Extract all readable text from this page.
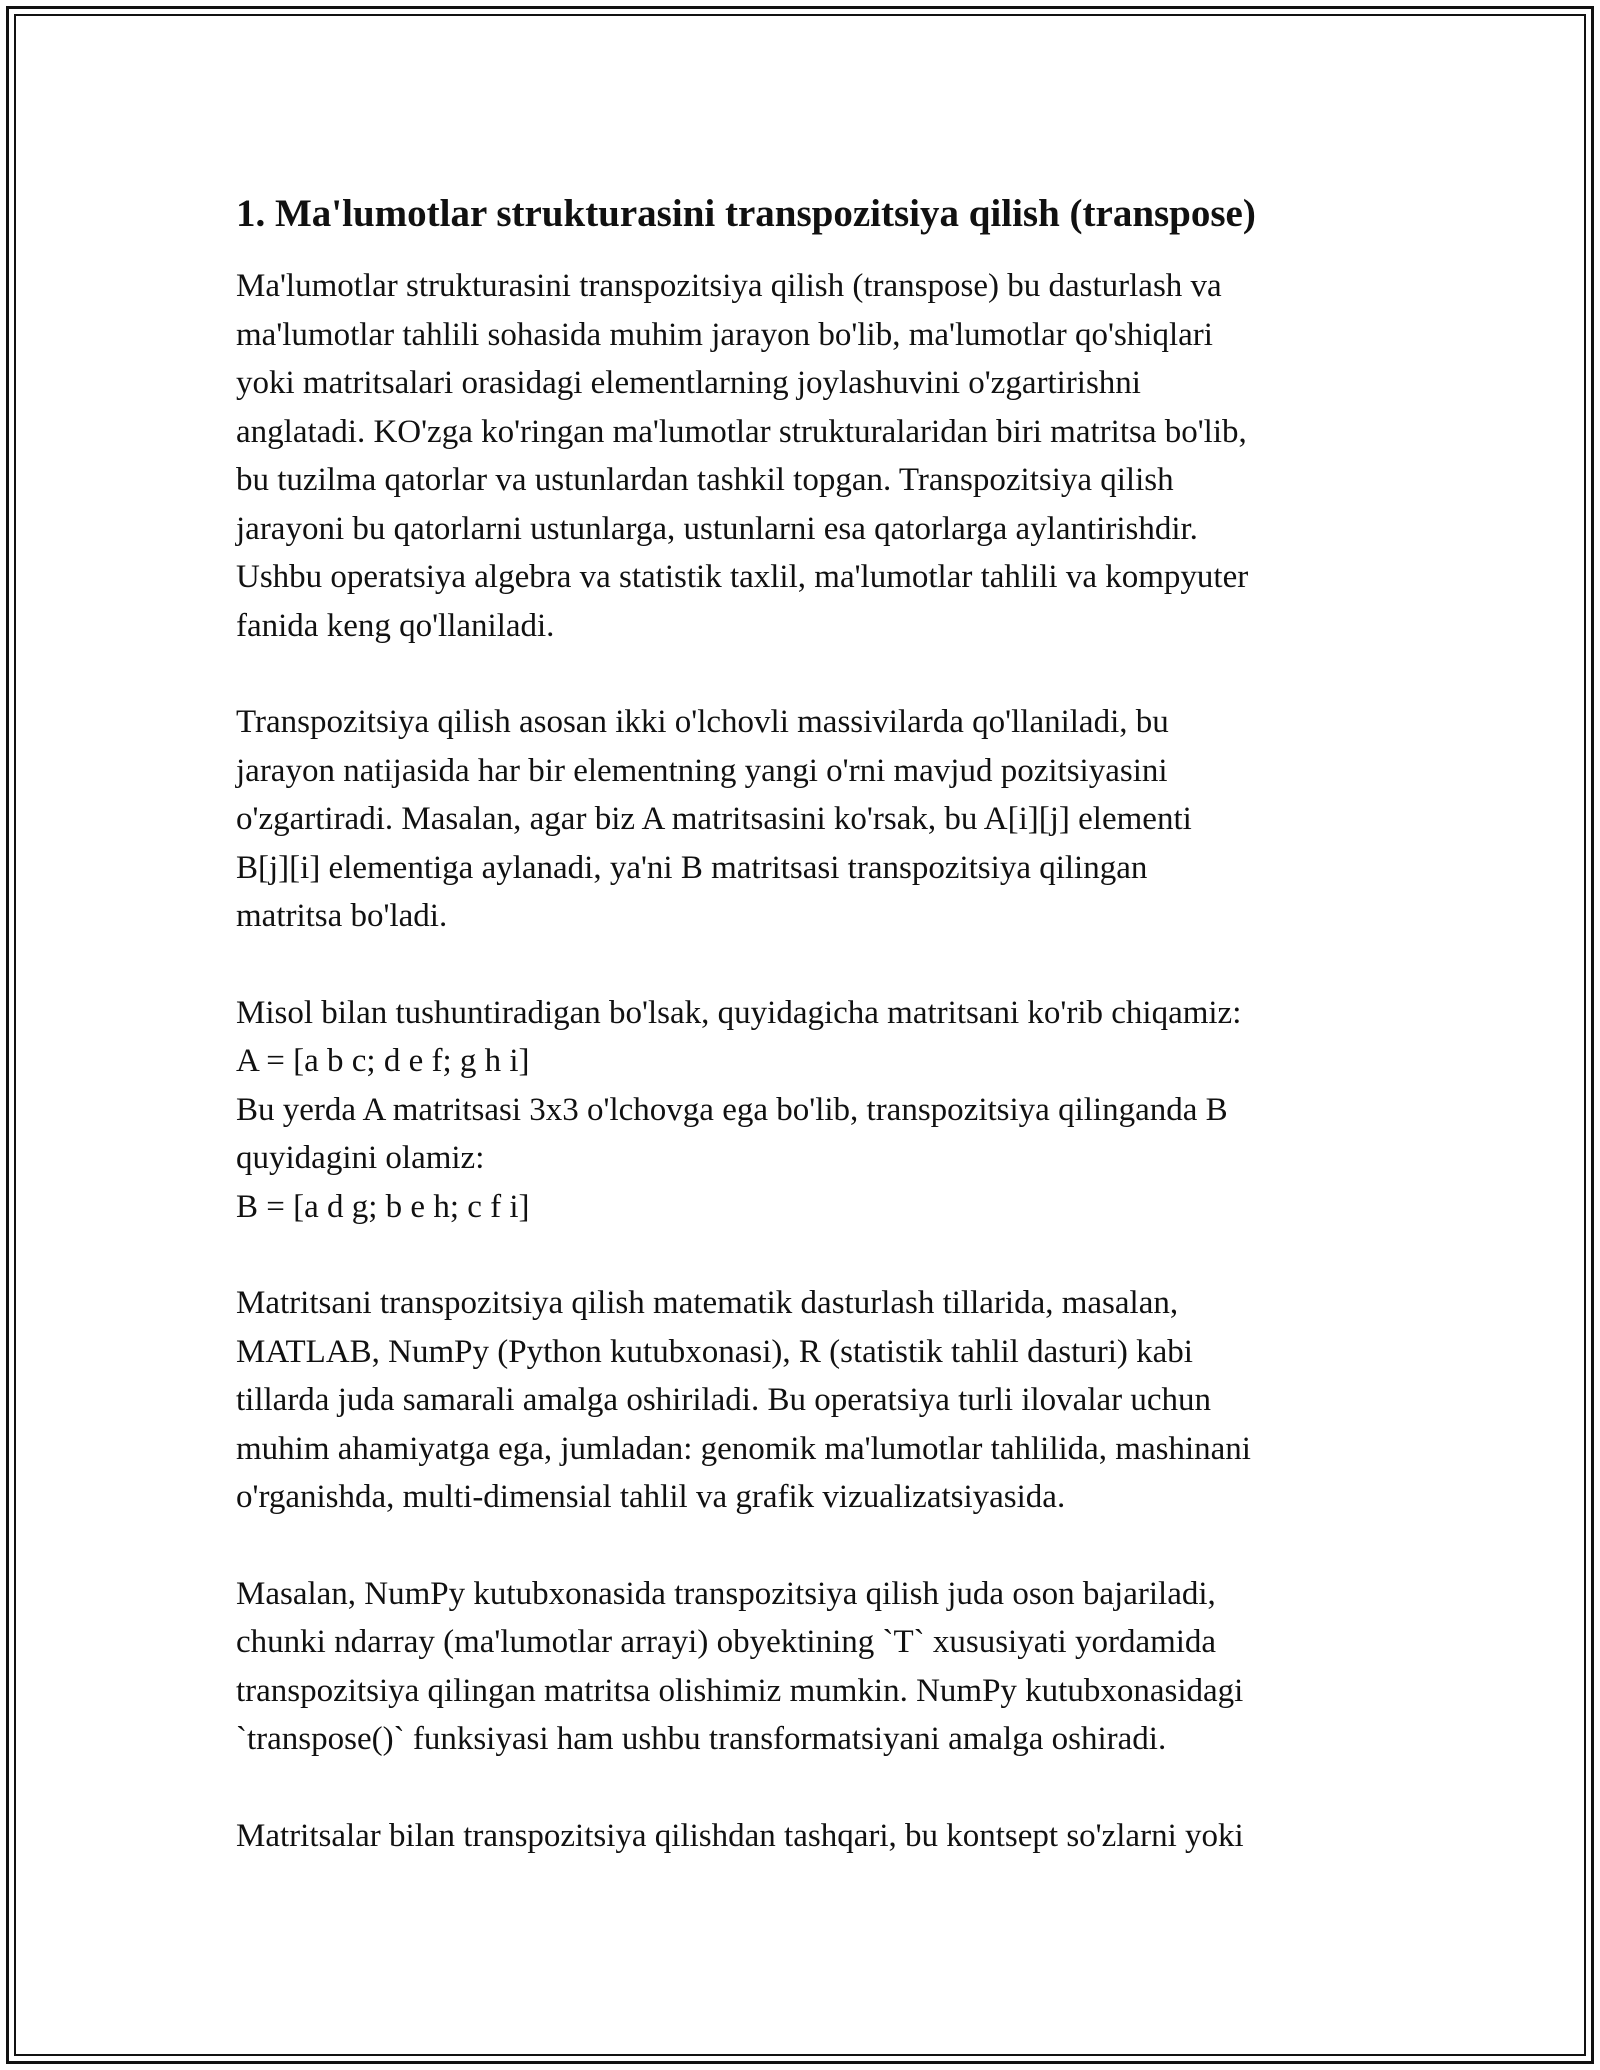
1. Ma'lumotlar strukturasini transpozitsiya qilish (transpose)
Ma'lumotlar strukturasini transpozitsiya qilish (transpose) bu dasturlash va
ma'lumotlar tahlili sohasida muhim jarayon bo'lib, ma'lumotlar qo'shiqlari
yoki matritsalari orasidagi elementlarning joylashuvini o'zgartirishni
anglatadi. KO'zga ko'ringan ma'lumotlar strukturalaridan biri matritsa bo'lib,
bu tuzilma qatorlar va ustunlardan tashkil topgan. Transpozitsiya qilish
jarayoni bu qatorlarni ustunlarga, ustunlarni esa qatorlarga aylantirishdir.
Ushbu operatsiya algebra va statistik taxlil, ma'lumotlar tahlili va kompyuter
fanida keng qo'llaniladi.
Transpozitsiya qilish asosan ikki o'lchovli massivilarda qo'llaniladi, bu
jarayon natijasida har bir elementning yangi o'rni mavjud pozitsiyasini
o'zgartiradi. Masalan, agar biz A matritsasini ko'rsak, bu A[i][j] elementi
B[j][i] elementiga aylanadi, ya'ni B matritsasi transpozitsiya qilingan
matritsa bo'ladi.
Misol bilan tushuntiradigan bo'lsak, quyidagicha matritsani ko'rib chiqamiz:
A = [a b c; d e f; g h i]
Bu yerda A matritsasi 3x3 o'lchovga ega bo'lib, transpozitsiya qilinganda B
quyidagini olamiz:
B = [a d g; b e h; c f i]
Matritsani transpozitsiya qilish matematik dasturlash tillarida, masalan,
MATLAB, NumPy (Python kutubxonasi), R (statistik tahlil dasturi) kabi
tillarda juda samarali amalga oshiriladi. Bu operatsiya turli ilovalar uchun
muhim ahamiyatga ega, jumladan: genomik ma'lumotlar tahlilida, mashinani
o'rganishda, multi-dimensial tahlil va grafik vizualizatsiyasida.
Masalan, NumPy kutubxonasida transpozitsiya qilish juda oson bajariladi,
chunki ndarray (ma'lumotlar arrayi) obyektining `T` xususiyati yordamida
transpozitsiya qilingan matritsa olishimiz mumkin. NumPy kutubxonasidagi
`transpose()` funksiyasi ham ushbu transformatsiyani amalga oshiradi.
Matritsalar bilan transpozitsiya qilishdan tashqari, bu kontsept so'zlarni yoki
